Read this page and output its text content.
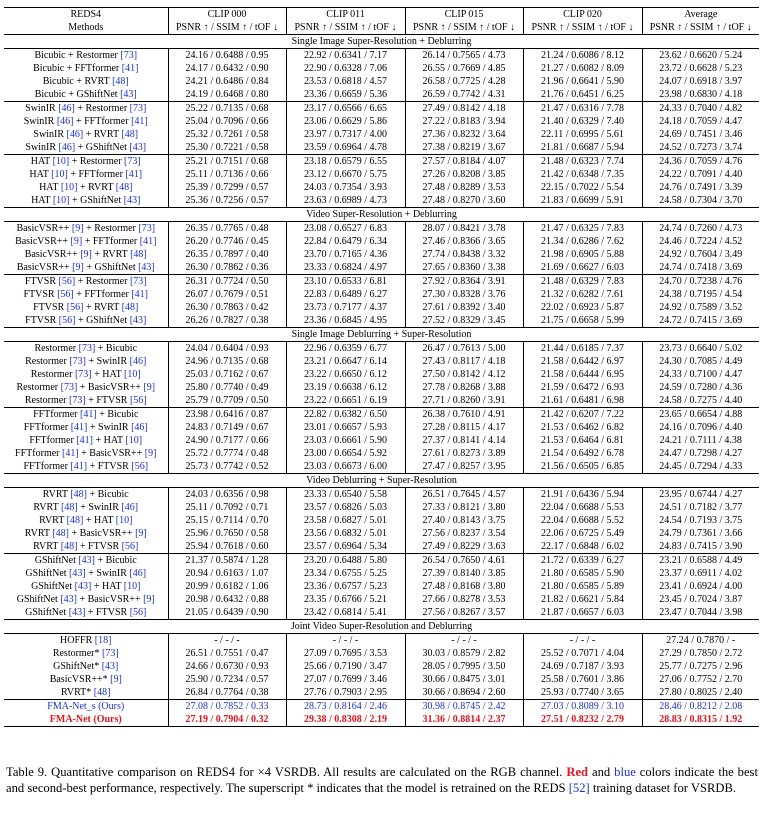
REDS4	CLIP 000	CLIP 011	CLIP 015	CLIP 020	Average
Methods	PSNR ↑ / SSIM ↑ / tOF ↓	PSNR ↑ / SSIM ↑ / tOF ↓	PSNR ↑ / SSIM ↑ / tOF ↓	PSNR ↑ / SSIM ↑ / tOF ↓	PSNR ↑ / SSIM ↑ / tOF ↓
Single Image Super-Resolution + Deblurring					
Bicubic + Restormer [73]	24.16 / 0.6488 / 0.95	22.92 / 0.6341 / 7.17	26.14 / 0.7565 / 4.73	21.24 / 0.6086 / 8.12	23.62 / 0.6620 / 5.24
Bicubic + FFTformer [41]	24.17 / 0.6432 / 0.90	22.90 / 0.6328 / 7.06	26.55 / 0.7669 / 4.85	21.27 / 0.6082 / 8.09	23.72 / 0.6628 / 5.23
Bicubic + RVRT [48]	24.21 / 0.6486 / 0.84	23.53 / 0.6818 / 4.57	26.58 / 0.7725 / 4.28	21.96 / 0.6641 / 5.90	24.07 / 0.6918 / 3.97
Bicubic + GShiftNet [43]	24.19 / 0.6468 / 0.80	23.36 / 0.6659 / 5.36	26.59 / 0.7742 / 4.31	21.76 / 0.6451 / 6.25	23.98 / 0.6830 / 4.18
SwinIR [46] + Restormer [73]	25.22 / 0.7135 / 0.68	23.17 / 0.6566 / 6.65	27.49 / 0.8142 / 4.18	21.47 / 0.6316 / 7.78	24.33 / 0.7040 / 4.82
SwinIR [46] + FFTformer [41]	25.04 / 0.7096 / 0.66	23.06 / 0.6629 / 5.86	27.22 / 0.8183 / 3.94	21.40 / 0.6329 / 7.40	24.18 / 0.7059 / 4.47
SwinIR [46] + RVRT [48]	25.32 / 0.7261 / 0.58	23.97 / 0.7317 / 4.00	27.36 / 0.8232 / 3.64	22.11 / 0.6995 / 5.61	24.69 / 0.7451 / 3.46
SwinIR [46] + GShiftNet [43]	25.30 / 0.7221 / 0.58	23.59 / 0.6964 / 4.78	27.38 / 0.8219 / 3.67	21.81 / 0.6687 / 5.94	24.52 / 0.7273 / 3.74
HAT [10] + Restormer [73]	25.21 / 0.7151 / 0.68	23.18 / 0.6579 / 6.55	27.57 / 0.8184 / 4.07	21.48 / 0.6323 / 7.74	24.36 / 0.7059 / 4.76
HAT [10] + FFTformer [41]	25.11 / 0.7136 / 0.66	23.12 / 0.6670 / 5.75	27.26 / 0.8208 / 3.85	21.42 / 0.6348 / 7.35	24.22 / 0.7091 / 4.40
HAT [10] + RVRT [48]	25.39 / 0.7299 / 0.57	24.03 / 0.7354 / 3.93	27.48 / 0.8289 / 3.53	22.15 / 0.7022 / 5.54	24.76 / 0.7491 / 3.39
HAT [10] + GShiftNet [43]	25.36 / 0.7256 / 0.57	23.63 / 0.6989 / 4.73	27.48 / 0.8270 / 3.60	21.83 / 0.6699 / 5.91	24.58 / 0.7304 / 3.70
Video Super-Resolution + Deblurring					
BasicVSR++ [9] + Restormer [73]	26.35 / 0.7765 / 0.48	23.08 / 0.6527 / 6.83	28.07 / 0.8421 / 3.78	21.47 / 0.6325 / 7.83	24.74 / 0.7260 / 4.73
BasicVSR++ [9] + FFTformer [41]	26.20 / 0.7746 / 0.45	22.84 / 0.6479 / 6.34	27.46 / 0.8366 / 3.65	21.34 / 0.6286 / 7.62	24.46 / 0.7224 / 4.52
BasicVSR++ [9] + RVRT [48]	26.35 / 0.7897 / 0.40	23.70 / 0.7165 / 4.36	27.74 / 0.8438 / 3.32	21.98 / 0.6905 / 5.88	24.92 / 0.7604 / 3.49
BasicVSR++ [9] + GShiftNet [43]	26.30 / 0.7862 / 0.36	23.33 / 0.6824 / 4.97	27.65 / 0.8360 / 3.38	21.69 / 0.6627 / 6.03	24.74 / 0.7418 / 3.69
FTVSR [56] + Restormer [73]	26.31 / 0.7724 / 0.50	23.10 / 0.6533 / 6.81	27.92 / 0.8364 / 3.91	21.48 / 0.6329 / 7.83	24.70 / 0.7238 / 4.76
FTVSR [56] + FFTformer [41]	26.07 / 0.7679 / 0.51	22.83 / 0.6489 / 6.27	27.30 / 0.8328 / 3.76	21.32 / 0.6282 / 7.61	24.38 / 0.7195 / 4.54
FTVSR [56] + RVRT [48]	26.30 / 0.7863 / 0.42	23.73 / 0.7177 / 4.37	27.61 / 0.8392 / 3.40	22.02 / 0.6923 / 5.87	24.92 / 0.7589 / 3.52
FTVSR [56] + GShiftNet [43]	26.26 / 0.7827 / 0.38	23.36 / 0.6845 / 4.95	27.52 / 0.8329 / 3.45	21.75 / 0.6658 / 5.99	24.72 / 0.7415 / 3.69
Single Image Deblurring + Super-Resolution					
Restormer [73] + Bicubic	24.04 / 0.6404 / 0.93	22.96 / 0.6359 / 6.77	26.47 / 0.7613 / 5.00	21.44 / 0.6185 / 7.37	23.73 / 0.6640 / 5.02
Restormer [73] + SwinIR [46]	24.96 / 0.7135 / 0.68	23.21 / 0.6647 / 6.14	27.43 / 0.8117 / 4.18	21.58 / 0.6442 / 6.97	24.30 / 0.7085 / 4.49
Restormer [73] + HAT [10]	25.03 / 0.7162 / 0.67	23.22 / 0.6650 / 6.12	27.50 / 0.8142 / 4.12	21.58 / 0.6444 / 6.95	24.33 / 0.7100 / 4.47
Restormer [73] + BasicVSR++ [9]	25.80 / 0.7740 / 0.49	23.19 / 0.6638 / 6.12	27.78 / 0.8268 / 3.88	21.59 / 0.6472 / 6.93	24.59 / 0.7280 / 4.36
Restormer [73] + FTVSR [56]	25.79 / 0.7709 / 0.50	23.22 / 0.6651 / 6.19	27.71 / 0.8260 / 3.91	21.61 / 0.6481 / 6.98	24.58 / 0.7275 / 4.40
FFTformer [41] + Bicubic	23.98 / 0.6416 / 0.87	22.82 / 0.6382 / 6.50	26.38 / 0.7610 / 4.91	21.42 / 0.6207 / 7.22	23.65 / 0.6654 / 4.88
FFTformer [41] + SwinIR [46]	24.83 / 0.7149 / 0.67	23.01 / 0.6657 / 5.93	27.28 / 0.8115 / 4.17	21.53 / 0.6462 / 6.82	24.16 / 0.7096 / 4.40
FFTformer [41] + HAT [10]	24.90 / 0.7177 / 0.66	23.03 / 0.6661 / 5.90	27.37 / 0.8141 / 4.14	21.53 / 0.6464 / 6.81	24.21 / 0.7111 / 4.38
FFTformer [41] + BasicVSR++ [9]	25.72 / 0.7774 / 0.48	23.00 / 0.6654 / 5.92	27.61 / 0.8273 / 3.89	21.54 / 0.6492 / 6.78	24.47 / 0.7298 / 4.27
FFTformer [41] + FTVSR [56]	25.73 / 0.7742 / 0.52	23.03 / 0.6673 / 6.00	27.47 / 0.8257 / 3.95	21.56 / 0.6505 / 6.85	24.45 / 0.7294 / 4.33
Video Deblurring + Super-Resolution					
RVRT [48] + Bicubic	24.03 / 0.6356 / 0.98	23.33 / 0.6540 / 5.58	26.51 / 0.7645 / 4.57	21.91 / 0.6436 / 5.94	23.95 / 0.6744 / 4.27
RVRT [48] + SwinIR [46]	25.11 / 0.7092 / 0.71	23.57 / 0.6826 / 5.03	27.33 / 0.8121 / 3.80	22.04 / 0.6688 / 5.53	24.51 / 0.7182 / 3.77
RVRT [48] + HAT [10]	25.15 / 0.7114 / 0.70	23.58 / 0.6827 / 5.01	27.40 / 0.8143 / 3.75	22.04 / 0.6688 / 5.52	24.54 / 0.7193 / 3.75
RVRT [48] + BasicVSR++ [9]	25.96 / 0.7650 / 0.58	23.56 / 0.6832 / 5.01	27.56 / 0.8237 / 3.54	22.06 / 0.6725 / 5.49	24.79 / 0.7361 / 3.66
RVRT [48] + FTVSR [56]	25.94 / 0.7618 / 0.60	23.57 / 0.6964 / 5.34	27.49 / 0.8229 / 3.63	22.17 / 0.6848 / 6.02	24.83 / 0.7415 / 3.90
GShiftNet [43] + Bicubic	21.37 / 0.5874 / 1.28	23.20 / 0.6488 / 5.80	26.54 / 0.7650 / 4.61	21.72 / 0.6339 / 6.27	23.21 / 0.6588 / 4.49
GShiftNet [43] + SwinIR [46]	20.94 / 0.6163 / 1.07	23.34 / 0.6755 / 5.25	27.39 / 0.8140 / 3.85	21.80 / 0.6585 / 5.90	23.37 / 0.6911 / 4.02
GShiftNet [43] + HAT [10]	20.99 / 0.6182 / 1.06	23.36 / 0.6757 / 5.23	27.48 / 0.8168 / 3.80	21.80 / 0.6585 / 5.89	23.41 / 0.6924 / 4.00
GShiftNet [43] + BasicVSR++ [9]	20.98 / 0.6432 / 0.88	23.35 / 0.6766 / 5.21	27.66 / 0.8278 / 3.53	21.82 / 0.6621 / 5.84	23.45 / 0.7024 / 3.87
GShiftNet [43] + FTVSR [56]	21.05 / 0.6439 / 0.90	23.42 / 0.6814 / 5.41	27.56 / 0.8267 / 3.57	21.87 / 0.6657 / 6.03	23.47 / 0.7044 / 3.98
Joint Video Super-Resolution and Deblurring					
HOFFR [18]	- / - / -	- / - / -	- / - / -	- / - / -	27.24 / 0.7870 / -
Restormer* [73]	26.51 / 0.7551 / 0.47	27.09 / 0.7695 / 3.53	30.03 / 0.8579 / 2.82	25.52 / 0.7071 / 4.04	27.29 / 0.7850 / 2.72
GShiftNet* [43]	24.66 / 0.6730 / 0.93	25.66 / 0.7190 / 3.47	28.05 / 0.7995 / 3.50	24.69 / 0.7187 / 3.93	25.77 / 0.7275 / 2.96
BasicVSR++* [9]	25.90 / 0.7234 / 0.57	27.07 / 0.7699 / 3.46	30.66 / 0.8475 / 3.01	25.58 / 0.7601 / 3.86	27.06 / 0.7752 / 2.70
RVRT* [48]	26.84 / 0.7764 / 0.38	27.76 / 0.7903 / 2.95	30.66 / 0.8694 / 2.60	25.93 / 0.7740 / 3.65	27.80 / 0.8025 / 2.40
FMA-Net_s (Ours)	27.08 / 0.7852 / 0.33	28.73 / 0.8164 / 2.46	30.98 / 0.8745 / 2.42	27.03 / 0.8089 / 3.10	28.46 / 0.8212 / 2.08
FMA-Net (Ours)	27.19 / 0.7904 / 0.32	29.38 / 0.8308 / 2.19	31.36 / 0.8814 / 2.37	27.51 / 0.8232 / 2.79	28.83 / 0.8315 / 1.92
Table 9. Quantitative comparison on REDS4 for ×4 VSRDB. All results are calculated on the RGB channel. Red and blue colors indicate the best and second-best performance, respectively. The superscript * indicates that the model is retrained on the REDS [52] training dataset for VSRDB.
